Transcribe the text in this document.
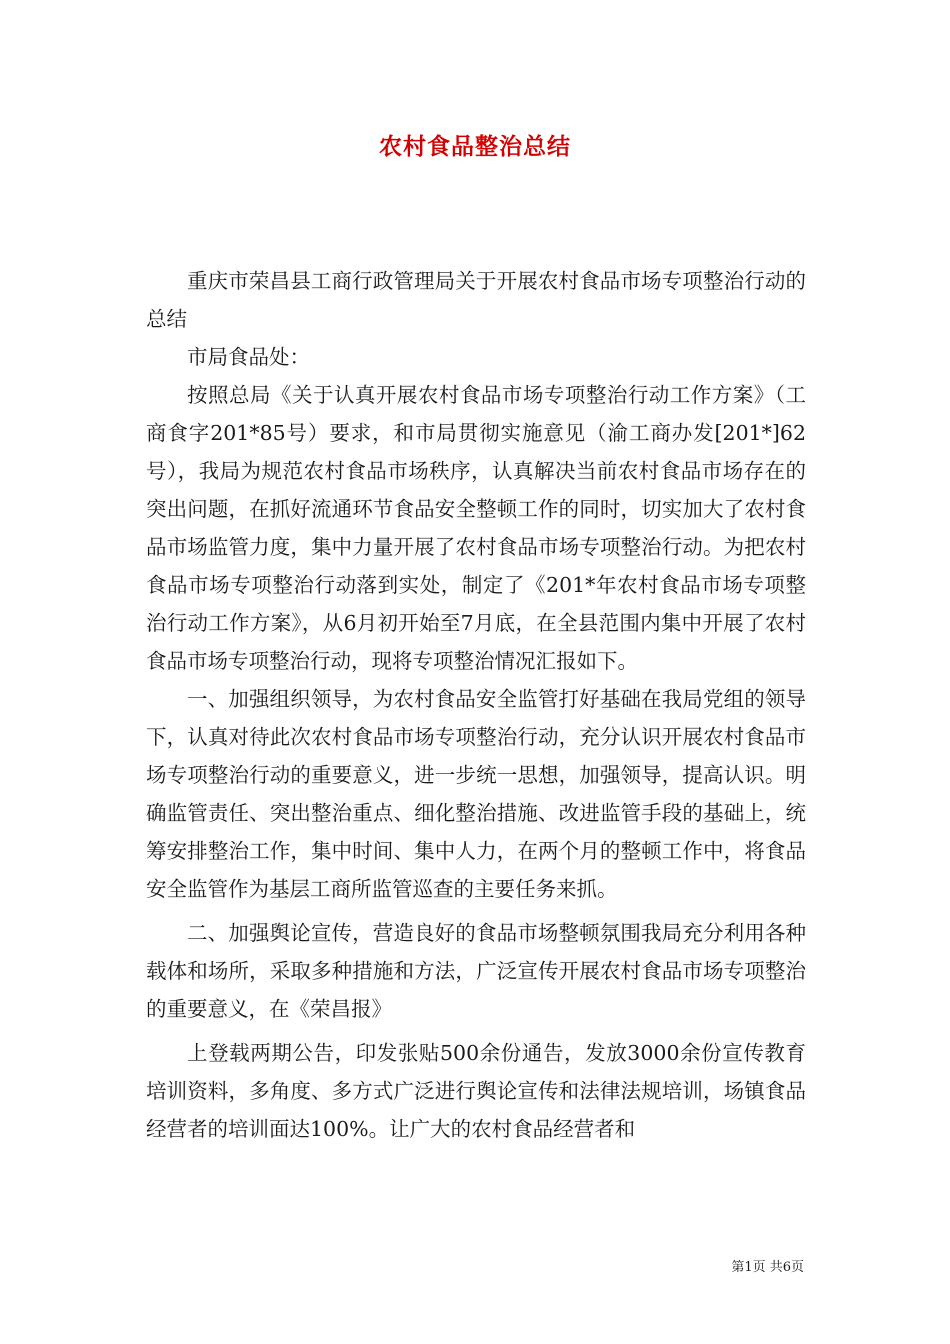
农村食品整治总结

重庆市荣昌县工商行政管理局关于开展农村食品市场专项整治行动的总结

市局食品处：

按照总局《关于认真开展农村食品市场专项整治行动工作方案》（工商食字201*85号）要求，和市局贯彻实施意见（渝工商办发[201*]62号），我局为规范农村食品市场秩序，认真解决当前农村食品市场存在的突出问题，在抓好流通环节食品安全整顿工作的同时，切实加大了农村食品市场监管力度，集中力量开展了农村食品市场专项整治行动。为把农村食品市场专项整治行动落到实处，制定了《201*年农村食品市场专项整治行动工作方案》，从6月初开始至7月底，在全县范围内集中开展了农村食品市场专项整治行动，现将专项整治情况汇报如下。

一、加强组织领导，为农村食品安全监管打好基础在我局党组的领导下，认真对待此次农村食品市场专项整治行动，充分认识开展农村食品市场专项整治行动的重要意义，进一步统一思想，加强领导，提高认识。明确监管责任、突出整治重点、细化整治措施、改进监管手段的基础上，统筹安排整治工作，集中时间、集中人力，在两个月的整顿工作中，将食品安全监管作为基层工商所监管巡查的主要任务来抓。

二、加强舆论宣传，营造良好的食品市场整顿氛围我局充分利用各种载体和场所，采取多种措施和方法，广泛宣传开展农村食品市场专项整治的重要意义，在《荣昌报》

上登载两期公告，印发张贴500余份通告，发放3000余份宣传教育培训资料，多角度、多方式广泛进行舆论宣传和法律法规培训，场镇食品经营者的培训面达100%。让广大的农村食品经营者和

第1页 共6页
